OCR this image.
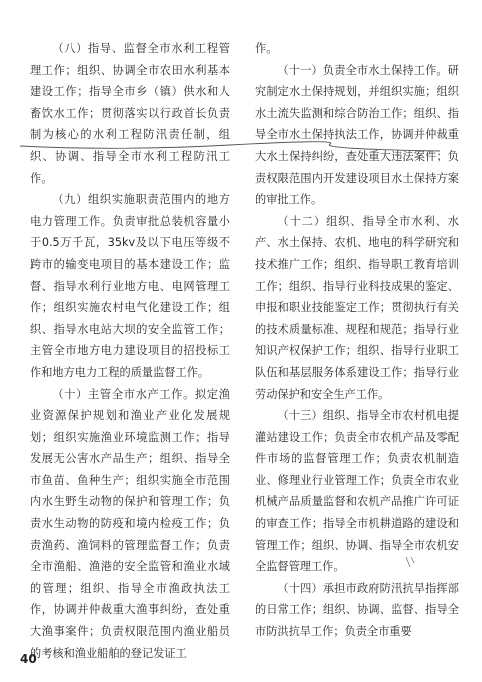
（八）指导、监督全市水利工程管理工作；组织、协调全市农田水利基本建设工作；指导全市乡（镇）供水和人畜饮水工作；贯彻落实以行政首长负责制为核心的水利工程防汛责任制，组织、协调、指导全市水利工程防汛工作。

（九）组织实施职责范围内的地方电力管理工作。负责审批总装机容量小于0.5万千瓦，35kv及以下电压等级不跨市的输变电项目的基本建设工作；监督、指导水利行业地方电、电网管理工作；组织实施农村电气化建设工作；组织、指导水电站大坝的安全监管工作；主管全市地方电力建设项目的招投标工作和地方电力工程的质量监督工作。

（十）主管全市水产工作。拟定渔业资源保护规划和渔业产业化发展规划；组织实施渔业环境监测工作；指导发展无公害水产品生产；组织、指导全市鱼苗、鱼种生产；组织实施全市范围内水生野生动物的保护和管理工作；负责水生动物的防疫和境内检疫工作；负责渔药、渔饲料的管理监督工作；负责全市渔船、渔港的安全监管和渔业水域的管理；组织、指导全市渔政执法工作，协调并仲裁重大渔事纠纷，查处重大渔事案件；负责权限范围内渔业船员的考核和渔业船舶的登记发证工

作。

（十一）负责全市水土保持工作。研究制定水土保持规划，并组织实施；组织水土流失监测和综合防治工作；组织、指导全市水土保持执法工作，协调并仲裁重大水土保持纠纷，查处重大违法案件；负责权限范围内开发建设项目水土保持方案的审批工作。

（十二）组织、指导全市水利、水产、水土保持、农机、地电的科学研究和技术推广工作；组织、指导职工教育培训工作；组织、指导行业科技成果的鉴定、申报和职业技能鉴定工作；贯彻执行有关的技术质量标准、规程和规范；指导行业知识产权保护工作；组织、指导行业职工队伍和基层服务体系建设工作；指导行业劳动保护和安全生产工作。

（十三）组织、指导全市农村机电提灌站建设工作；负责全市农机产品及零配件市场的监督管理工作；负责农机制造业、修理业行业管理工作；负责全市农业机械产品质量监督和农机产品推广许可证的审查工作；指导全市机耕道路的建设和管理工作；组织、协调、指导全市农机安全监督管理工作。

（十四）承担市政府防汛抗旱指挥部的日常工作；组织、协调、监督、指导全市防洪抗旱工作；负责全市重要

40
